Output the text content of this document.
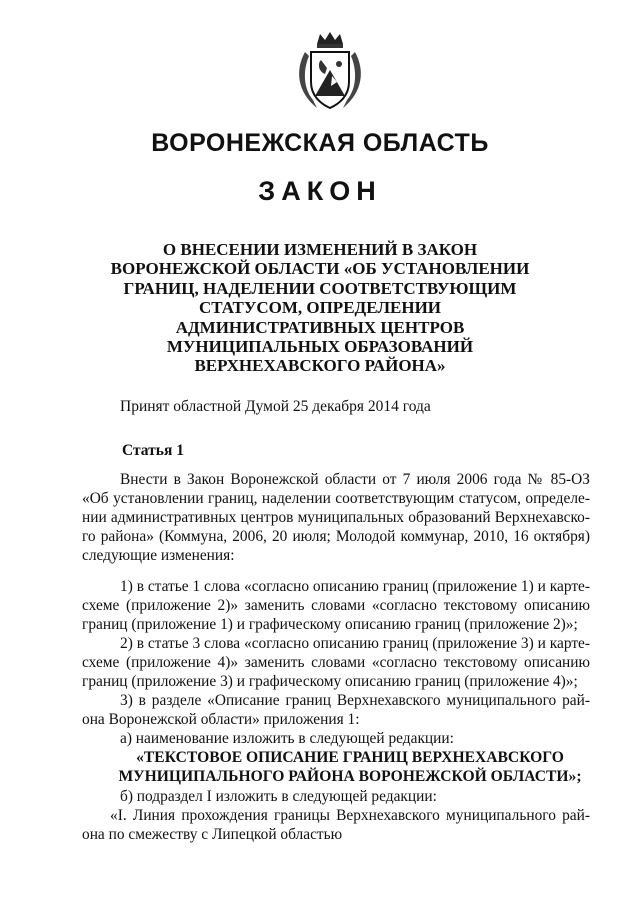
ВОРОНЕЖСКАЯ ОБЛАСТЬ
ЗАКОН
О ВНЕСЕНИИ ИЗМЕНЕНИЙ В ЗАКОН
ВОРОНЕЖСКОЙ ОБЛАСТИ «ОБ УСТАНОВЛЕНИИ
ГРАНИЦ, НАДЕЛЕНИИ СООТВЕТСТВУЮЩИМ
СТАТУСОМ, ОПРЕДЕЛЕНИИ
АДМИНИСТРАТИВНЫХ ЦЕНТРОВ
МУНИЦИПАЛЬНЫХ ОБРАЗОВАНИЙ
ВЕРХНЕХАВСКОГО РАЙОНА»
Принят областной Думой 25 декабря 2014 года
Статья 1
Внести в Закон Воронежской области от 7 июля 2006 года № 85-ОЗ
«Об установлении границ, наделении соответствующим статусом, определе-
нии административных центров муниципальных образований Верхнехавско-
го района» (Коммуна, 2006, 20 июля; Молодой коммунар, 2010, 16 октября)
следующие изменения:
1) в статье 1 слова «согласно описанию границ (приложение 1) и карте-
схеме (приложение 2)» заменить словами «согласно текстовому описанию
границ (приложение 1) и графическому описанию границ (приложение 2)»;
2) в статье 3 слова «согласно описанию границ (приложение 3) и карте-
схеме (приложение 4)» заменить словами «согласно текстовому описанию
границ (приложение 3) и графическому описанию границ (приложение 4)»;
3) в разделе «Описание границ Верхнехавского муниципального рай-
она Воронежской области» приложения 1:
а) наименование изложить в следующей редакции:
«ТЕКСТОВОЕ ОПИСАНИЕ ГРАНИЦ ВЕРХНЕХАВСКОГО
МУНИЦИПАЛЬНОГО РАЙОНА ВОРОНЕЖСКОЙ ОБЛАСТИ»;
б) подраздел I изложить в следующей редакции:
«I. Линия прохождения границы Верхнехавского муниципального рай-
она по смежеству с Липецкой областью
